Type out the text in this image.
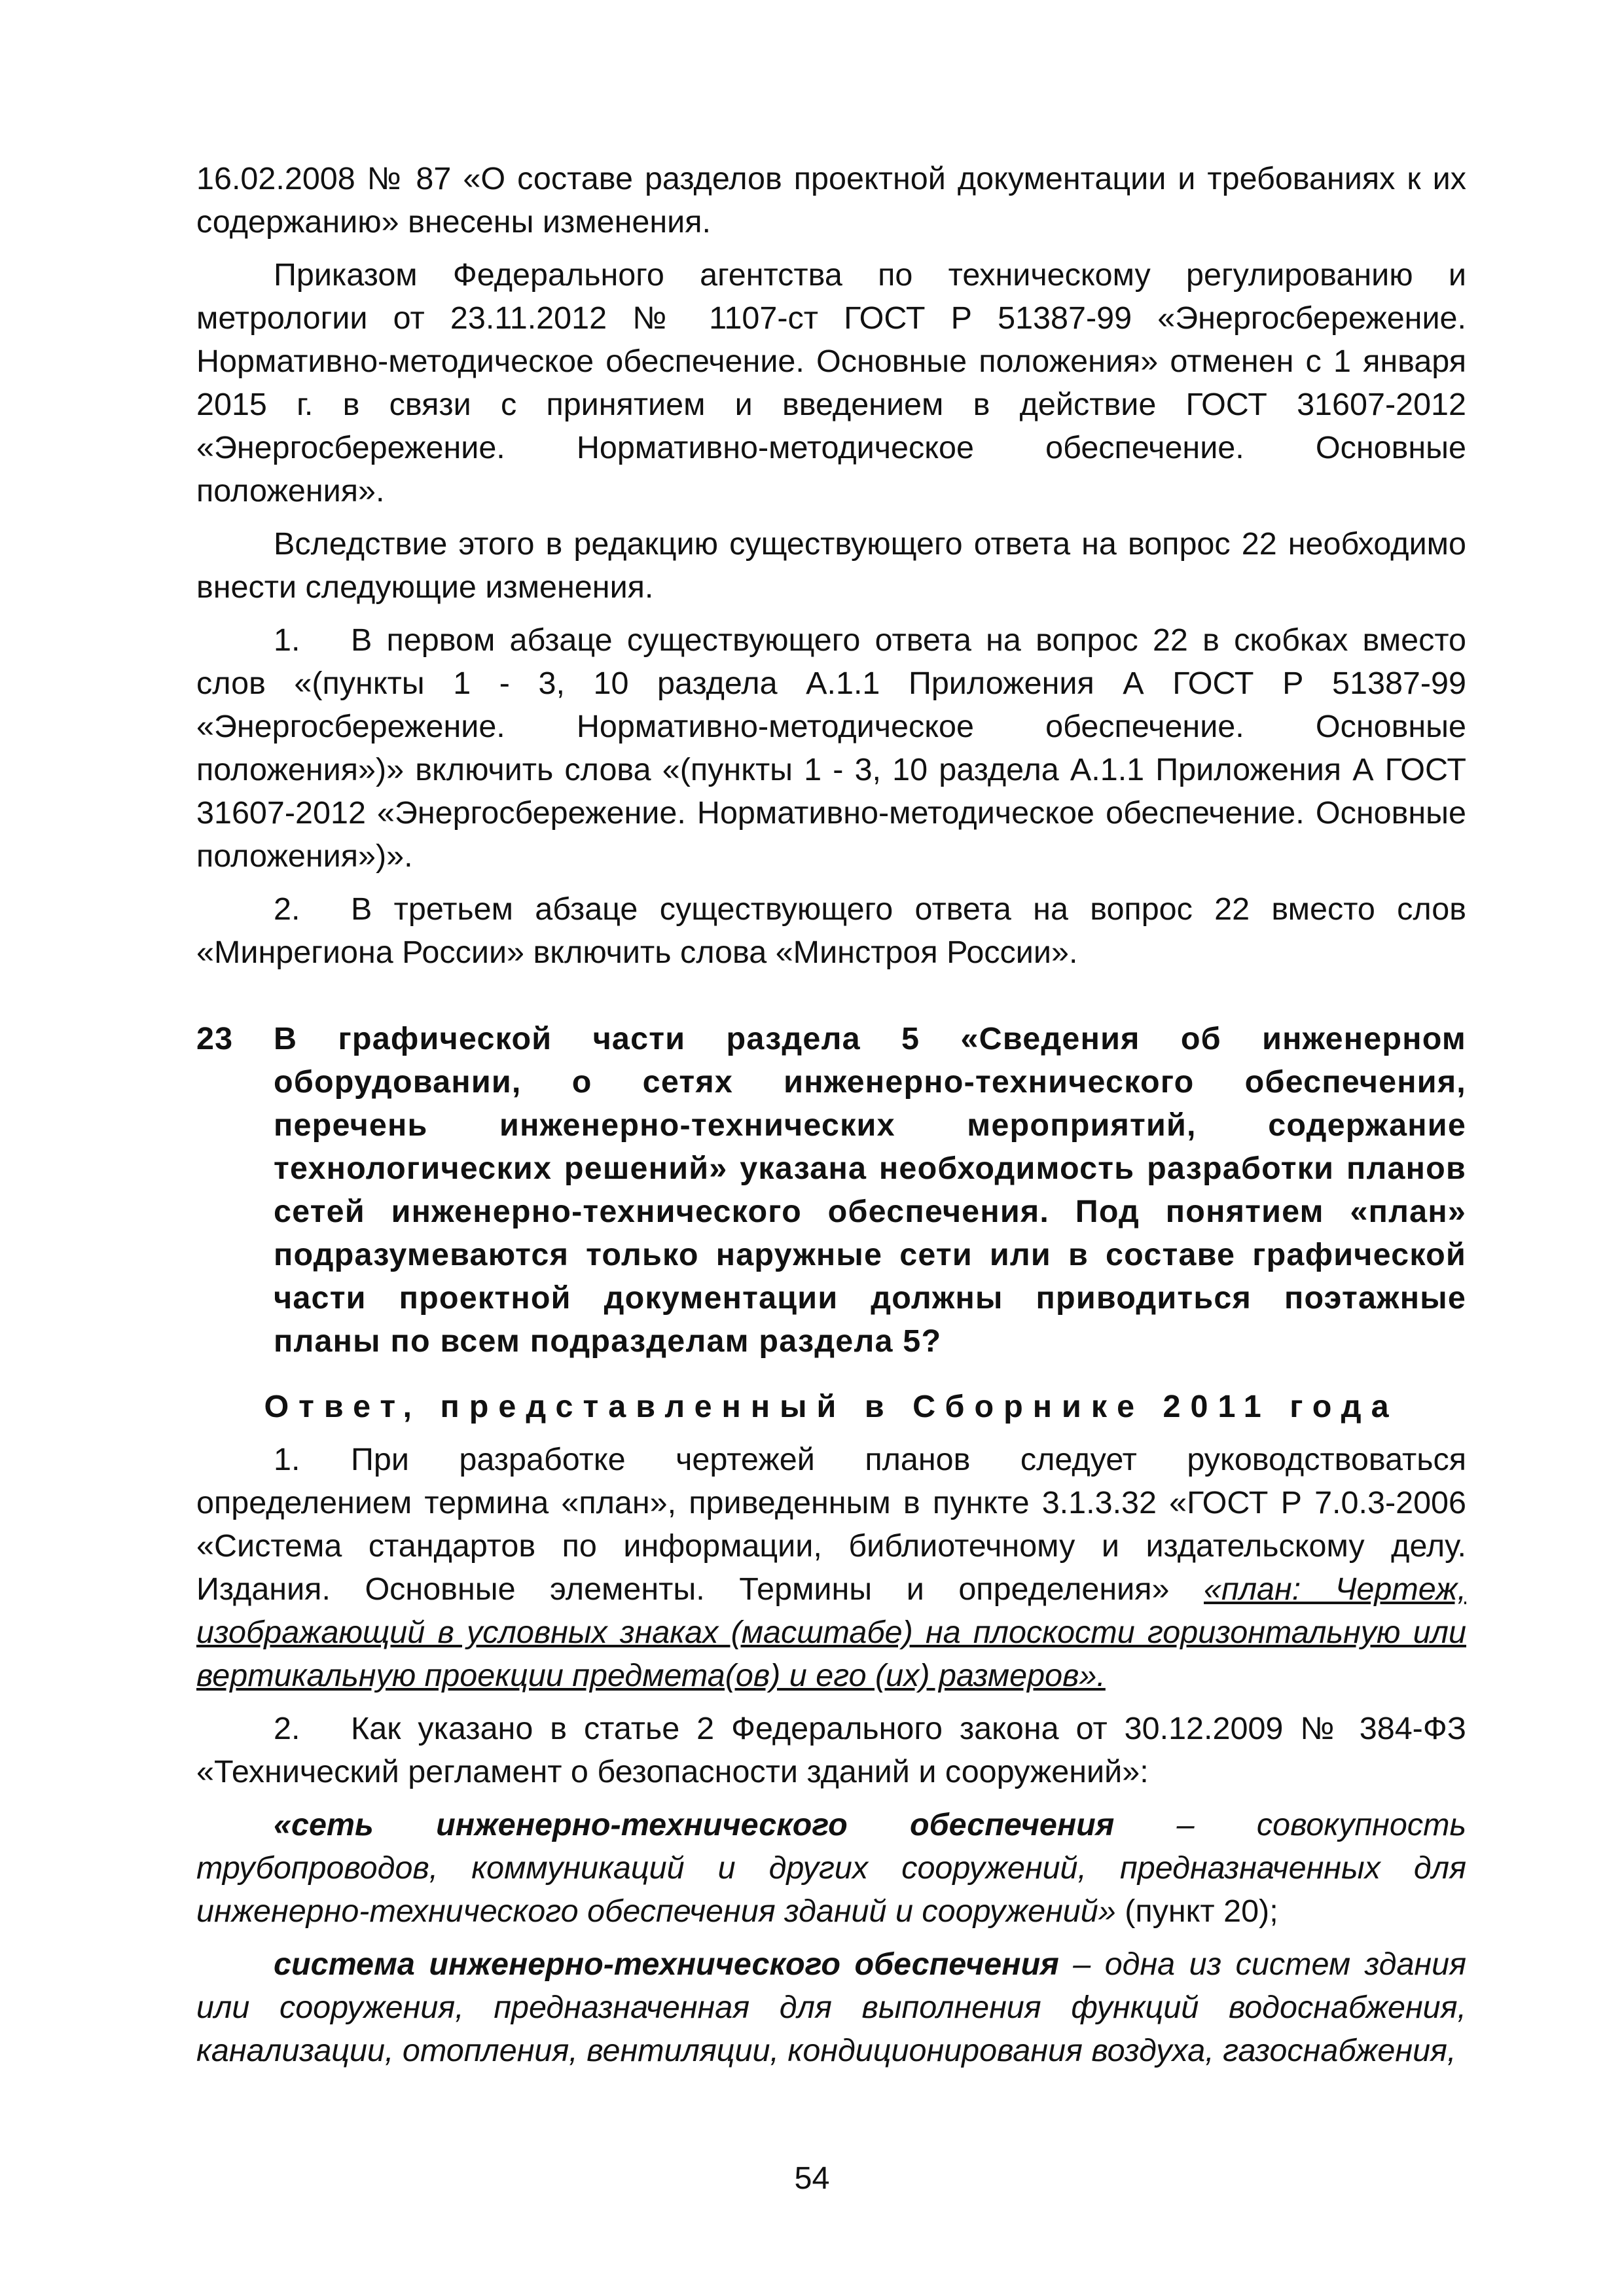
16.02.2008 № 87 «О составе разделов проектной документации и требованиях к их содержанию» внесены изменения.

Приказом Федерального агентства по техническому регулированию и метрологии от 23.11.2012 № 1107-ст ГОСТ Р 51387-99 «Энергосбережение. Нормативно-методическое обеспечение. Основные положения» отменен с 1 января 2015 г. в связи с принятием и введением в действие ГОСТ 31607-2012 «Энергосбережение. Нормативно-методическое обеспечение. Основные положения».

Вследствие этого в редакцию существующего ответа на вопрос 22 необходимо внести следующие изменения.

1. В первом абзаце существующего ответа на вопрос 22 в скобках вместо слов «(пункты 1 - 3, 10 раздела А.1.1 Приложения А ГОСТ Р 51387-99 «Энергосбережение. Нормативно-методическое обеспечение. Основные положения»)» включить слова «(пункты 1 - 3, 10 раздела А.1.1 Приложения А ГОСТ 31607-2012 «Энергосбережение. Нормативно-методическое обеспечение. Основные положения»)».

2. В третьем абзаце существующего ответа на вопрос 22 вместо слов «Минрегиона России» включить слова «Минстроя России».

23	В графической части раздела 5 «Сведения об инженерном оборудовании, о сетях инженерно-технического обеспечения, перечень инженерно-технических мероприятий, содержание технологических решений» указана необходимость разработки планов сетей инженерно-технического обеспечения. Под понятием «план» подразумеваются только наружные сети или в составе графической части проектной документации должны приводиться поэтажные планы по всем подразделам раздела 5?
Ответ, представленный в Сборнике 2011 года

1. При разработке чертежей планов следует руководствоваться определением термина «план», приведенным в пункте 3.1.3.32 «ГОСТ Р 7.0.3-2006 «Система стандартов по информации, библиотечному и издательскому делу. Издания. Основные элементы. Термины и определения» «план: Чертеж, изображающий в условных знаках (масштабе) на плоскости горизонтальную или вертикальную проекции предмета(ов) и его (их) размеров».

2. Как указано в статье 2 Федерального закона от 30.12.2009 № 384-ФЗ «Технический регламент о безопасности зданий и сооружений»:

«сеть инженерно-технического обеспечения – совокупность трубопроводов, коммуникаций и других сооружений, предназначенных для инженерно-технического обеспечения зданий и сооружений» (пункт 20);

система инженерно-технического обеспечения – одна из систем здания или сооружения, предназначенная для выполнения функций водоснабжения, канализации, отопления, вентиляции, кондиционирования воздуха, газоснабжения,

54
